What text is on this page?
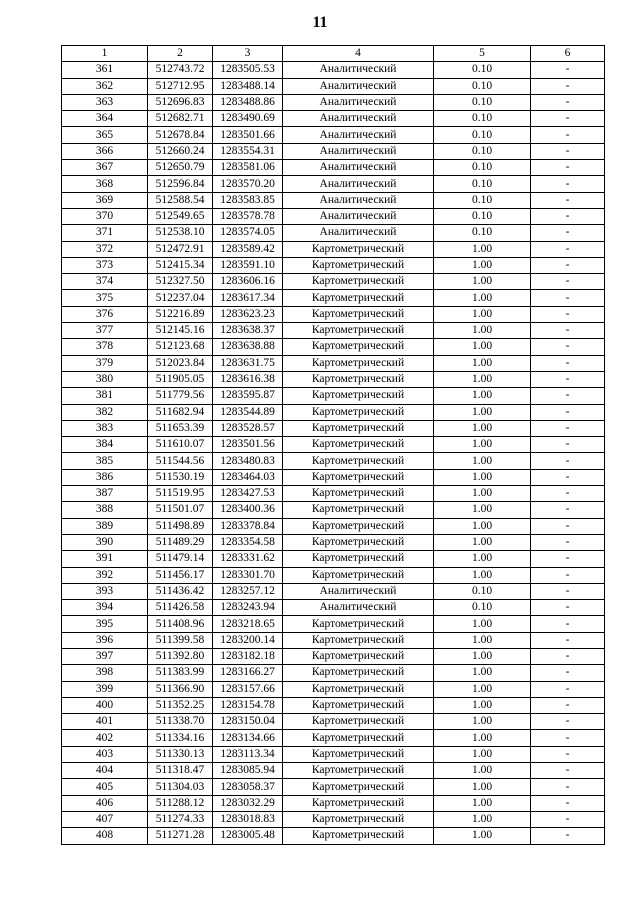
11
1	2	3	4	5	6
361	512743.72	1283505.53	Аналитический	0.10	-
362	512712.95	1283488.14	Аналитический	0.10	-
363	512696.83	1283488.86	Аналитический	0.10	-
364	512682.71	1283490.69	Аналитический	0.10	-
365	512678.84	1283501.66	Аналитический	0.10	-
366	512660.24	1283554.31	Аналитический	0.10	-
367	512650.79	1283581.06	Аналитический	0.10	-
368	512596.84	1283570.20	Аналитический	0.10	-
369	512588.54	1283583.85	Аналитический	0.10	-
370	512549.65	1283578.78	Аналитический	0.10	-
371	512538.10	1283574.05	Аналитический	0.10	-
372	512472.91	1283589.42	Картометрический	1.00	-
373	512415.34	1283591.10	Картометрический	1.00	-
374	512327.50	1283606.16	Картометрический	1.00	-
375	512237.04	1283617.34	Картометрический	1.00	-
376	512216.89	1283623.23	Картометрический	1.00	-
377	512145.16	1283638.37	Картометрический	1.00	-
378	512123.68	1283638.88	Картометрический	1.00	-
379	512023.84	1283631.75	Картометрический	1.00	-
380	511905.05	1283616.38	Картометрический	1.00	-
381	511779.56	1283595.87	Картометрический	1.00	-
382	511682.94	1283544.89	Картометрический	1.00	-
383	511653.39	1283528.57	Картометрический	1.00	-
384	511610.07	1283501.56	Картометрический	1.00	-
385	511544.56	1283480.83	Картометрический	1.00	-
386	511530.19	1283464.03	Картометрический	1.00	-
387	511519.95	1283427.53	Картометрический	1.00	-
388	511501.07	1283400.36	Картометрический	1.00	-
389	511498.89	1283378.84	Картометрический	1.00	-
390	511489.29	1283354.58	Картометрический	1.00	-
391	511479.14	1283331.62	Картометрический	1.00	-
392	511456.17	1283301.70	Картометрический	1.00	-
393	511436.42	1283257.12	Аналитический	0.10	-
394	511426.58	1283243.94	Аналитический	0.10	-
395	511408.96	1283218.65	Картометрический	1.00	-
396	511399.58	1283200.14	Картометрический	1.00	-
397	511392.80	1283182.18	Картометрический	1.00	-
398	511383.99	1283166.27	Картометрический	1.00	-
399	511366.90	1283157.66	Картометрический	1.00	-
400	511352.25	1283154.78	Картометрический	1.00	-
401	511338.70	1283150.04	Картометрический	1.00	-
402	511334.16	1283134.66	Картометрический	1.00	-
403	511330.13	1283113.34	Картометрический	1.00	-
404	511318.47	1283085.94	Картометрический	1.00	-
405	511304.03	1283058.37	Картометрический	1.00	-
406	511288.12	1283032.29	Картометрический	1.00	-
407	511274.33	1283018.83	Картометрический	1.00	-
408	511271.28	1283005.48	Картометрический	1.00	-
